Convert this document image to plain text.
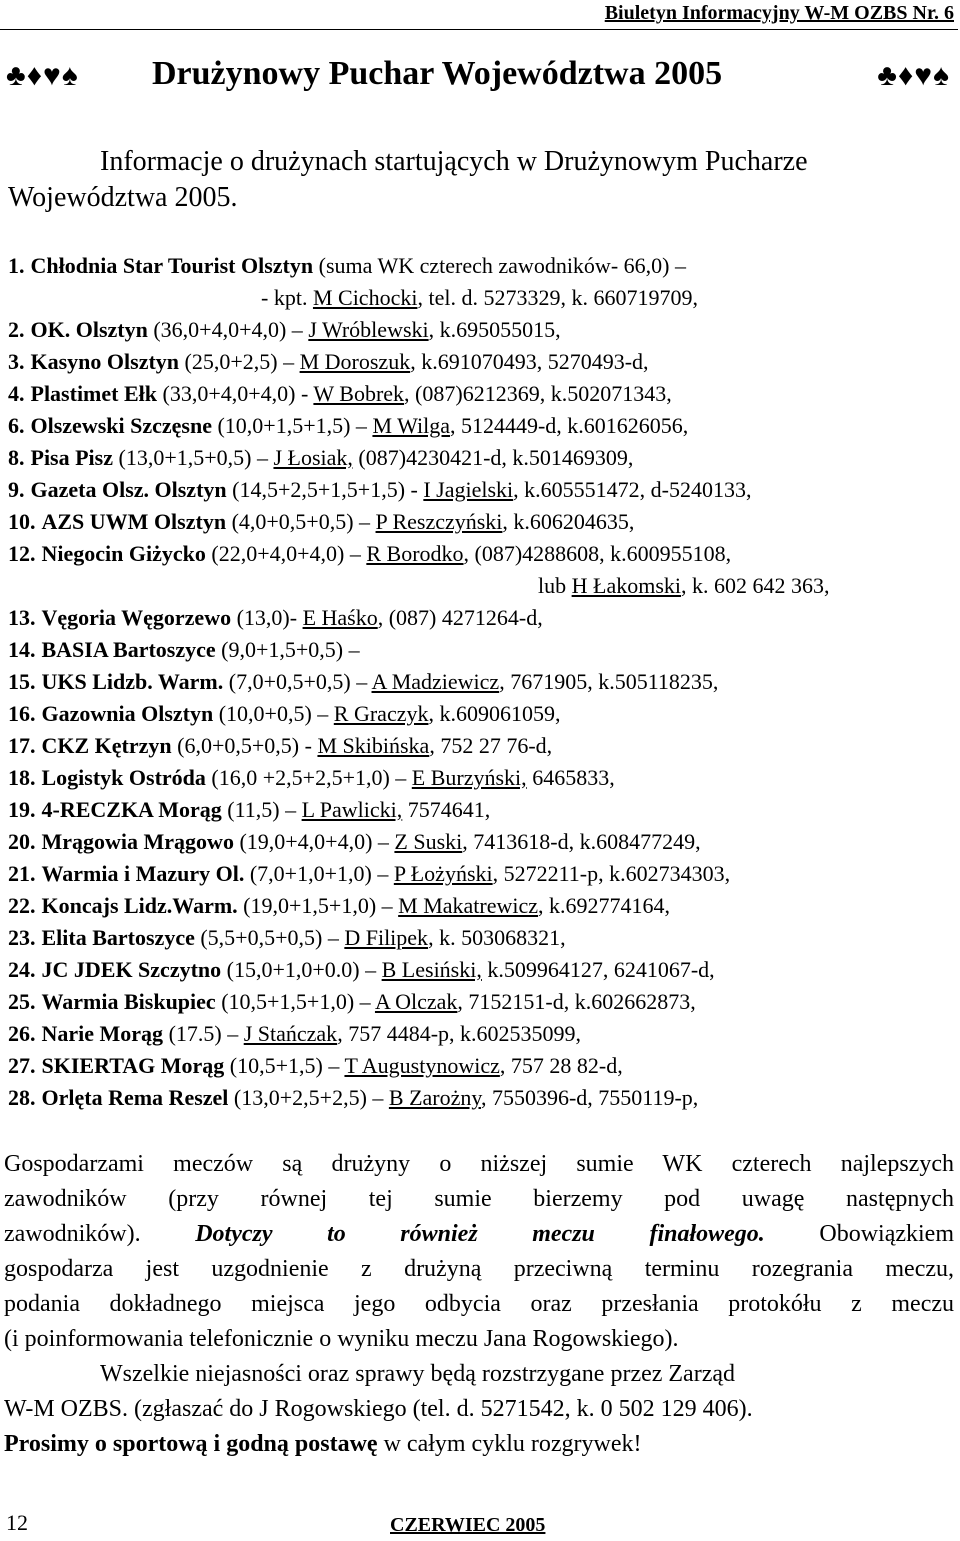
Biuletyn Informacyjny W-M OZBS Nr. 6
♣♦♥♠ Drużynowy Puchar Województwa 2005	♣♦♥♠
Informacje o drużynach startujących w Drużynowym Pucharze
Województwa 2005.
1. Chłodnia Star Tourist Olsztyn (suma WK czterech zawodników- 66,0) –
- kpt. M Cichocki, tel. d. 5273329, k. 660719709,
2. OK. Olsztyn (36,0+4,0+4,0) – J Wróblewski, k.695055015,
3. Kasyno Olsztyn (25,0+2,5) – M Doroszuk, k.691070493, 5270493-d,
4. Plastimet Ełk (33,0+4,0+4,0) - W Bobrek, (087)6212369, k.502071343,
6. Olszewski Szczęsne (10,0+1,5+1,5) – M Wilga, 5124449-d, k.601626056,
8. Pisa Pisz (13,0+1,5+0,5) – J Łosiak, (087)4230421-d, k.501469309,
9. Gazeta Olsz. Olsztyn (14,5+2,5+1,5+1,5) - I Jagielski, k.605551472, d-5240133,
10. AZS UWM Olsztyn (4,0+0,5+0,5) – P Reszczyński, k.606204635,
12. Niegocin Giżycko (22,0+4,0+4,0) – R Borodko, (087)4288608, k.600955108,
lub H Łakomski, k. 602 642 363,
13. Vęgoria Węgorzewo (13,0)- E Haśko, (087) 4271264-d,
14. BASIA Bartoszyce (9,0+1,5+0,5) –
15. UKS Lidzb. Warm. (7,0+0,5+0,5) – A Madziewicz, 7671905, k.505118235,
16. Gazownia Olsztyn (10,0+0,5) – R Graczyk, k.609061059,
17. CKZ Kętrzyn (6,0+0,5+0,5) - M Skibińska, 752 27 76-d,
18. Logistyk Ostróda (16,0 +2,5+2,5+1,0) – E Burzyński, 6465833,
19. 4-RECZKA Morąg (11,5) – L Pawlicki, 7574641,
20. Mrągowia Mrągowo (19,0+4,0+4,0) – Z Suski, 7413618-d, k.608477249,
21. Warmia i Mazury Ol. (7,0+1,0+1,0) – P Łożyński, 5272211-p, k.602734303,
22. Koncajs Lidz.Warm. (19,0+1,5+1,0) – M Makatrewicz, k.692774164,
23. Elita Bartoszyce (5,5+0,5+0,5) – D Filipek, k. 503068321,
24. JC JDEK Szczytno (15,0+1,0+0.0) – B Lesiński, k.509964127, 6241067-d,
25. Warmia Biskupiec (10,5+1,5+1,0) – A Olczak, 7152151-d, k.602662873,
26. Narie Morąg (17.5) – J Stańczak, 757 4484-p, k.602535099,
27. SKIERTAG Morąg (10,5+1,5) – T Augustynowicz, 757 28 82-d,
28. Orlęta Rema Reszel (13,0+2,5+2,5) – B Zarożny, 7550396-d, 7550119-p,
Gospodarzami meczów są drużyny o niższej sumie WK czterech najlepszych
zawodników (przy równej tej sumie bierzemy pod uwagę następnych
zawodników). Dotyczy to również meczu finałowego. Obowiązkiem
gospodarza jest uzgodnienie z drużyną przeciwną terminu rozegrania meczu,
podania dokładnego miejsca jego odbycia oraz przesłania protokółu z meczu
(i poinformowania telefonicznie o wyniku meczu Jana Rogowskiego).
Wszelkie niejasności oraz sprawy będą rozstrzygane przez Zarząd
W-M OZBS. (zgłaszać do J Rogowskiego (tel. d. 5271542, k. 0 502 129 406).
Prosimy o sportową i godną postawę w całym cyklu rozgrywek!
12	CZERWIEC 2005
